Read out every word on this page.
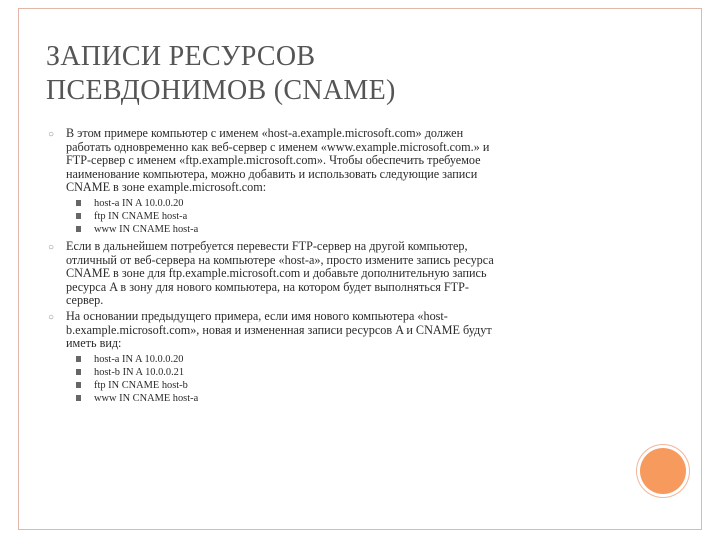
ЗАПИСИ РЕСУРСОВ
ПСЕВДОНИМОВ (CNAME)
○ В этом примере компьютер с именем «host-a.example.microsoft.com» должен
работать одновременно как веб-сервер с именем «www.example.microsoft.com.» и
FTP-сервер с именем «ftp.example.microsoft.com». Чтобы обеспечить требуемое
наименование компьютера, можно добавить и использовать следующие записи
CNAME в зоне example.microsoft.com:
host-a IN A 10.0.0.20
ftp IN CNAME host-a
www IN CNAME host-a
○ Если в дальнейшем потребуется перевести FTP-сервер на другой компьютер,
отличный от веб-сервера на компьютере «host-a», просто измените запись ресурса
CNAME в зоне для ftp.example.microsoft.com и добавьте дополнительную запись
ресурса A в зону для нового компьютера, на котором будет выполняться FTP-
сервер.
○ На основании предыдущего примера, если имя нового компьютера «host-
b.example.microsoft.com», новая и измененная записи ресурсов A и CNAME будут
иметь вид:
host-a IN A 10.0.0.20
host-b IN A 10.0.0.21
ftp IN CNAME host-b
www IN CNAME host-a
